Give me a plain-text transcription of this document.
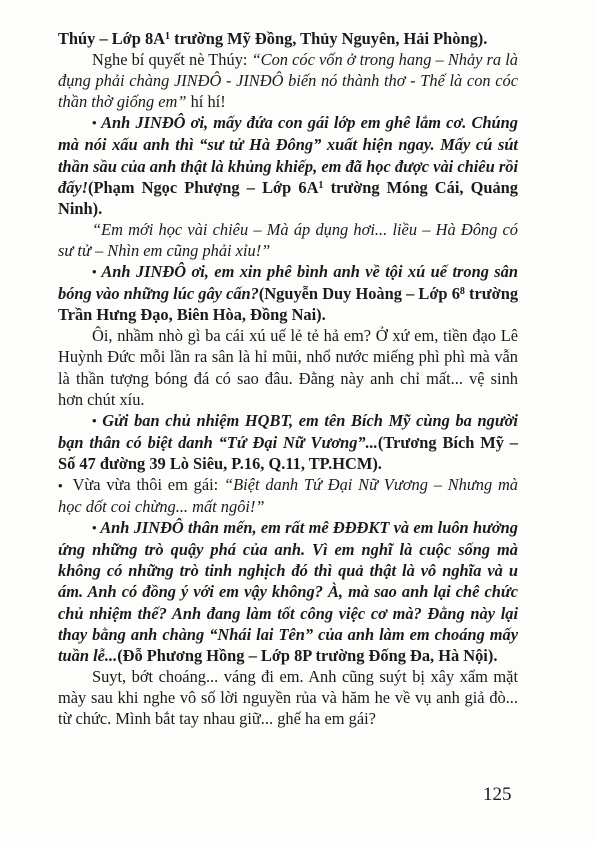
Thúy – Lớp $8A^1$ trường Mỹ Đồng, Thủy Nguyên, Hải Phòng).

Nghe bí quyết nè Thúy: “Con cóc vốn ở trong hang – Nhảy ra là đụng phải chàng JINĐÔ - JINĐÔ biến nó thành thơ - Thế là con cóc thần thờ giống em” hí hí!

• Anh JINĐÔ ơi, mấy đứa con gái lớp em ghê lắm cơ. Chúng mà nói xấu anh thì “sư tử Hà Đông” xuất hiện ngay. Mấy cú sút thần sầu của anh thật là khủng khiếp, em đã học được vài chiêu rồi đấy!(Phạm Ngọc Phượng – Lớp $6A^1$ trường Móng Cái, Quảng Ninh).

“Em mới học vài chiêu – Mà áp dụng hơi... liều – Hà Đông có sư tử – Nhìn em cũng phải xỉu!”

• Anh JINĐÔ ơi, em xin phê bình anh về tội xú uế trong sân bóng vào những lúc gây cấn?(Nguyễn Duy Hoàng – Lớp $6^8$ trường Trần Hưng Đạo, Biên Hòa, Đồng Nai).

Ôi, nhầm nhò gì ba cái xú uế lẻ tẻ hả em? Ở xứ em, tiền đạo Lê Huỳnh Đức mỗi lần ra sân là hỉ mũi, nhổ nước miếng phì phì mà vẫn là thần tượng bóng đá có sao đâu. Đằng này anh chỉ mất... vệ sinh hơn chút xíu.

• Gửi ban chủ nhiệm HQBT, em tên Bích Mỹ cùng ba người bạn thân có biệt danh “Tứ Đại Nữ Vương”...(Trương Bích Mỹ – Số 47 đường 39 Lò Siêu, P.16, Q.11, TP.HCM).

• Vừa vừa thôi em gái: “Biệt danh Tứ Đại Nữ Vương – Nhưng mà học dốt coi chừng... mất ngôi!”

• Anh JINĐÔ thân mến, em rất mê ĐĐĐKT và em luôn hưởng ứng những trò quậy phá của anh. Vì em nghĩ là cuộc sống mà không có những trò tinh nghịch đó thì quả thật là vô nghĩa và u ám. Anh có đồng ý với em vậy không? À, mà sao anh lại chê chức chủ nhiệm thế? Anh đang làm tốt công việc cơ mà? Đằng này lại thay bằng anh chàng “Nhái lai Tên” của anh làm em choáng mấy tuần lễ...(Đỗ Phương Hồng – Lớp 8P trường Đống Đa, Hà Nội).

Suyt, bớt choáng... váng đi em. Anh cũng suýt bị xây xẩm mặt mày sau khi nghe vô số lời nguyền rủa và hăm he về vụ anh giả đò... từ chức. Mình bắt tay nhau giữ... ghế ha em gái?

125
